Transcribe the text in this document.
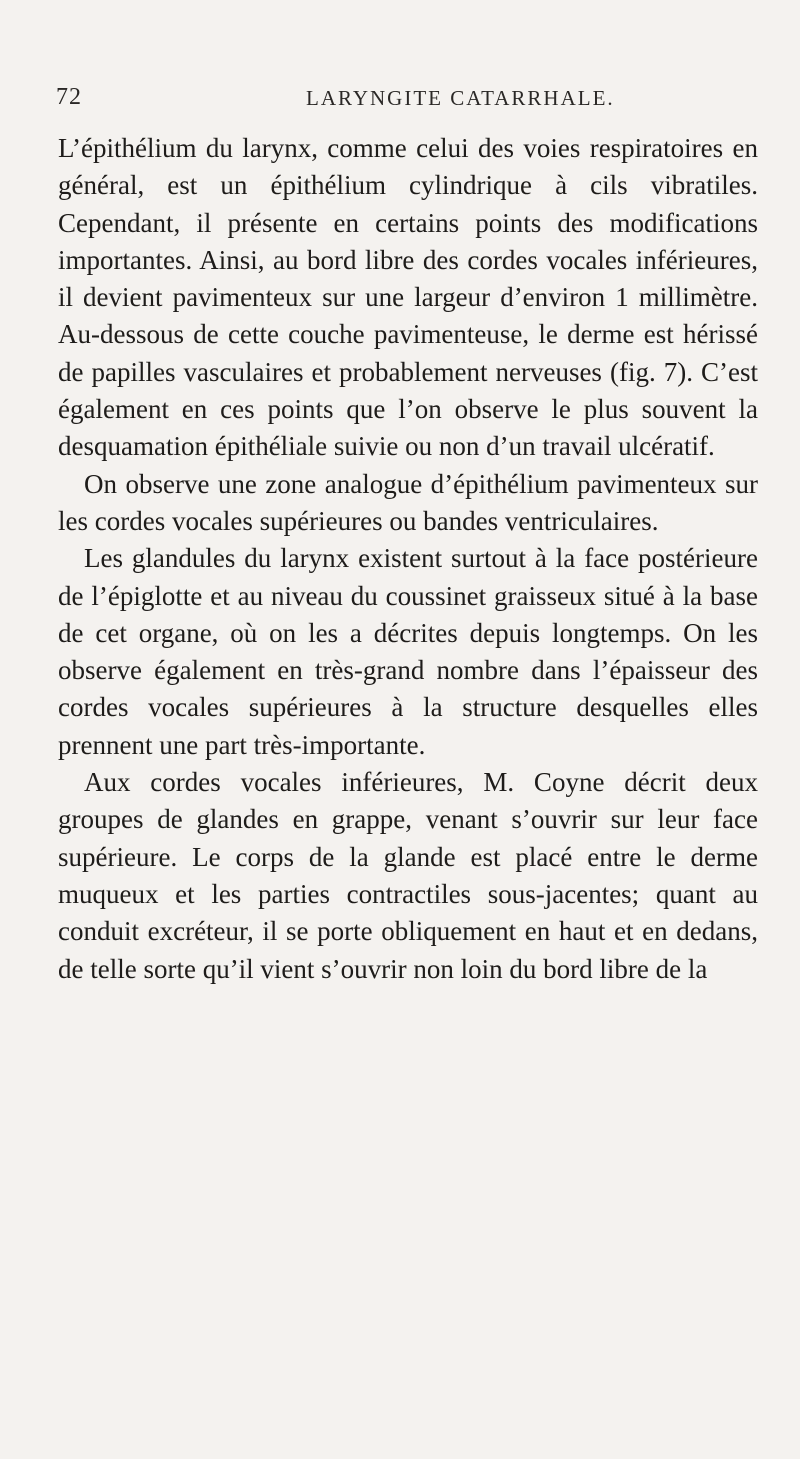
72	LARYNGITE CATARRHALE.

L’épithélium du larynx, comme celui des voies respiratoires en général, est un épithélium cylindrique à cils vibratiles. Cependant, il présente en certains points des modifications importantes. Ainsi, au bord libre des cordes vocales inférieures, il devient pavimenteux sur une largeur d’environ 1 millimètre. Au-dessous de cette couche pavimenteuse, le derme est hérissé de papilles vasculaires et probablement nerveuses (fig. 7). C’est également en ces points que l’on observe le plus souvent la desquamation épithéliale suivie ou non d’un travail ulcératif.

On observe une zone analogue d’épithélium pavimenteux sur les cordes vocales supérieures ou bandes ventriculaires.

Les glandules du larynx existent surtout à la face postérieure de l’épiglotte et au niveau du coussinet graisseux situé à la base de cet organe, où on les a décrites depuis longtemps. On les observe également en très-grand nombre dans l’épaisseur des cordes vocales supérieures à la structure desquelles elles prennent une part très-importante.

Aux cordes vocales inférieures, M. Coyne décrit deux groupes de glandes en grappe, venant s’ouvrir sur leur face supérieure. Le corps de la glande est placé entre le derme muqueux et les parties contractiles sous-jacentes; quant au conduit excréteur, il se porte obliquement en haut et en dedans, de telle sorte qu’il vient s’ouvrir non loin du bord libre de la
